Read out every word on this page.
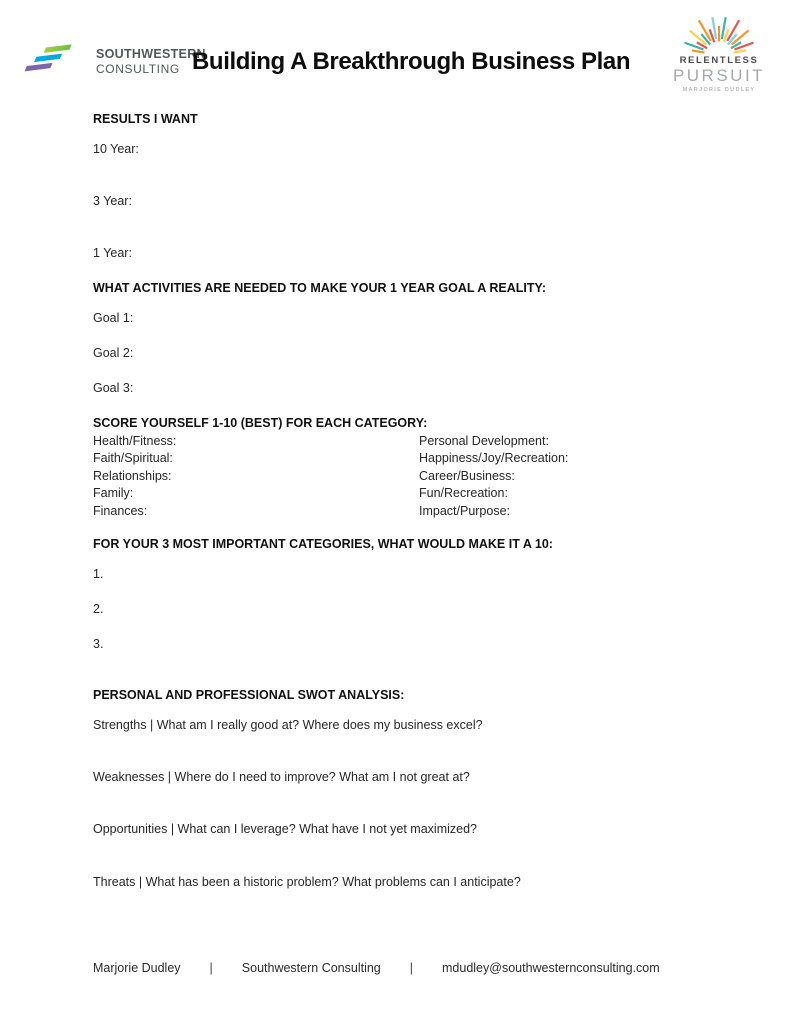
SOUTHWESTERN
CONSULTING Building A Breakthrough Business Plan	RELENTLESS
PURSUIT
MARJORIE DUDLEY
RESULTS I WANT
10 Year:
3 Year:
1 Year:
WHAT ACTIVITIES ARE NEEDED TO MAKE YOUR 1 YEAR GOAL A REALITY:
Goal 1:
Goal 2:
Goal 3:
SCORE YOURSELF 1-10 (BEST) FOR EACH CATEGORY:
Health/Fitness:
Faith/Spiritual:
Relationships:
Family:
Finances:
Personal Development:
Happiness/Joy/Recreation:
Career/Business:
Fun/Recreation:
Impact/Purpose:
FOR YOUR 3 MOST IMPORTANT CATEGORIES, WHAT WOULD MAKE IT A 10:
1.
2.
3.
PERSONAL AND PROFESSIONAL SWOT ANALYSIS:
Strengths | What am I really good at? Where does my business excel?
Weaknesses | Where do I need to improve? What am I not great at?
Opportunities | What can I leverage? What have I not yet maximized?
Threats | What has been a historic problem? What problems can I anticipate?
Marjorie Dudley | Southwestern Consulting | mdudley@southwesternconsulting.com
